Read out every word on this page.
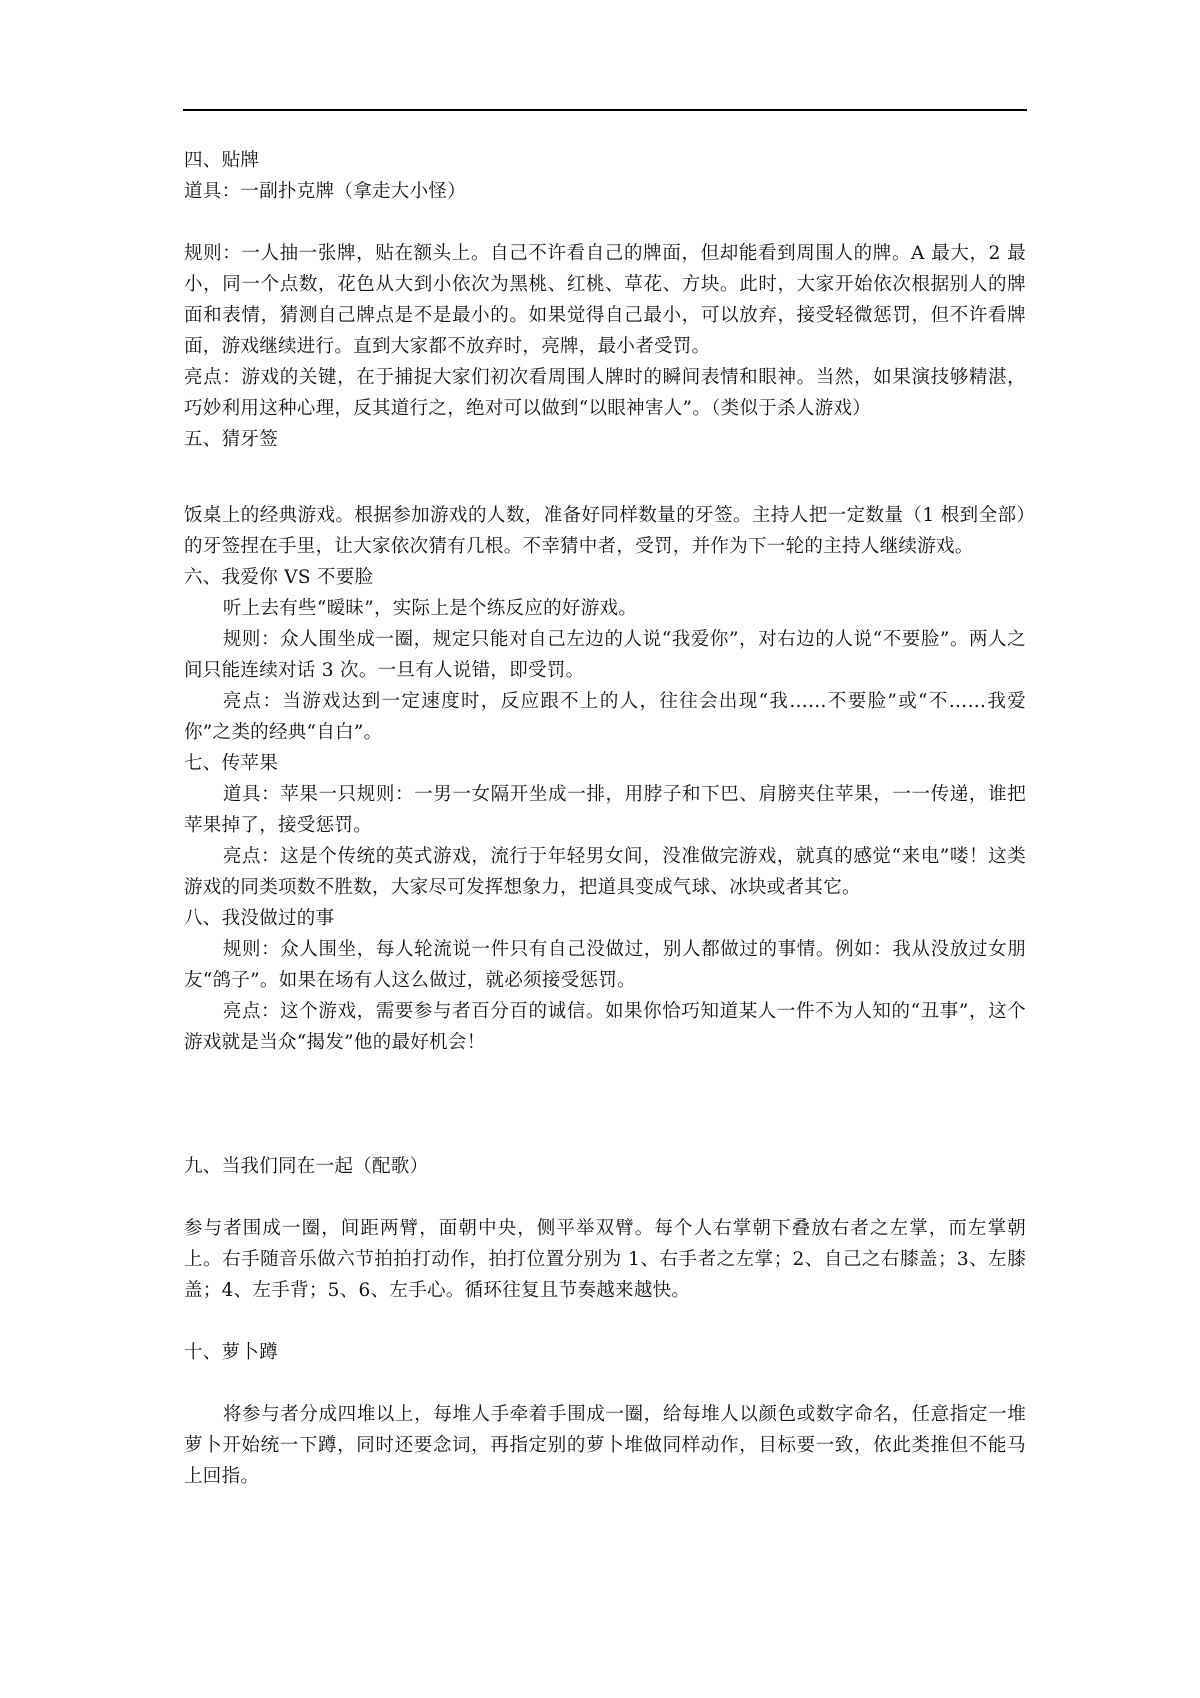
四、贴牌

道具：一副扑克牌（拿走大小怪）

规则：一人抽一张牌，贴在额头上。自己不许看自己的牌面，但却能看到周围人的牌。A 最大，2 最小，同一个点数，花色从大到小依次为黑桃、红桃、草花、方块。此时，大家开始依次根据别人的牌面和表情，猜测自己牌点是不是最小的。如果觉得自己最小，可以放弃，接受轻微惩罚，但不许看牌面，游戏继续进行。直到大家都不放弃时，亮牌，最小者受罚。

亮点：游戏的关键，在于捕捉大家们初次看周围人牌时的瞬间表情和眼神。当然，如果演技够精湛，巧妙利用这种心理，反其道行之，绝对可以做到“以眼神害人”。（类似于杀人游戏）

五、猜牙签

饭桌上的经典游戏。根据参加游戏的人数，准备好同样数量的牙签。主持人把一定数量（1 根到全部）的牙签捏在手里，让大家依次猜有几根。不幸猜中者，受罚，并作为下一轮的主持人继续游戏。

六、我爱你 VS 不要脸

听上去有些“暧昧”，实际上是个练反应的好游戏。

规则：众人围坐成一圈，规定只能对自己左边的人说“我爱你”，对右边的人说“不要脸”。两人之间只能连续对话 3 次。一旦有人说错，即受罚。

亮点：当游戏达到一定速度时，反应跟不上的人，往往会出现“我……不要脸”或“不……我爱你”之类的经典“自白”。

七、传苹果

道具：苹果一只规则：一男一女隔开坐成一排，用脖子和下巴、肩膀夹住苹果，一一传递，谁把苹果掉了，接受惩罚。

亮点：这是个传统的英式游戏，流行于年轻男女间，没准做完游戏，就真的感觉“来电”喽！这类游戏的同类项数不胜数，大家尽可发挥想象力，把道具变成气球、冰块或者其它。

八、我没做过的事

规则：众人围坐，每人轮流说一件只有自己没做过，别人都做过的事情。例如：我从没放过女朋友“鸽子”。如果在场有人这么做过，就必须接受惩罚。

亮点：这个游戏，需要参与者百分百的诚信。如果你恰巧知道某人一件不为人知的“丑事”，这个游戏就是当众“揭发”他的最好机会！

九、当我们同在一起（配歌）

参与者围成一圈，间距两臂，面朝中央，侧平举双臂。每个人右掌朝下叠放右者之左掌，而左掌朝上。右手随音乐做六节拍拍打动作，拍打位置分别为 1、右手者之左掌；2、自己之右膝盖；3、左膝盖；4、左手背；5、6、左手心。循环往复且节奏越来越快。

十、萝卜蹲

将参与者分成四堆以上，每堆人手牵着手围成一圈，给每堆人以颜色或数字命名，任意指定一堆萝卜开始统一下蹲，同时还要念词，再指定别的萝卜堆做同样动作，目标要一致，依此类推但不能马上回指。
